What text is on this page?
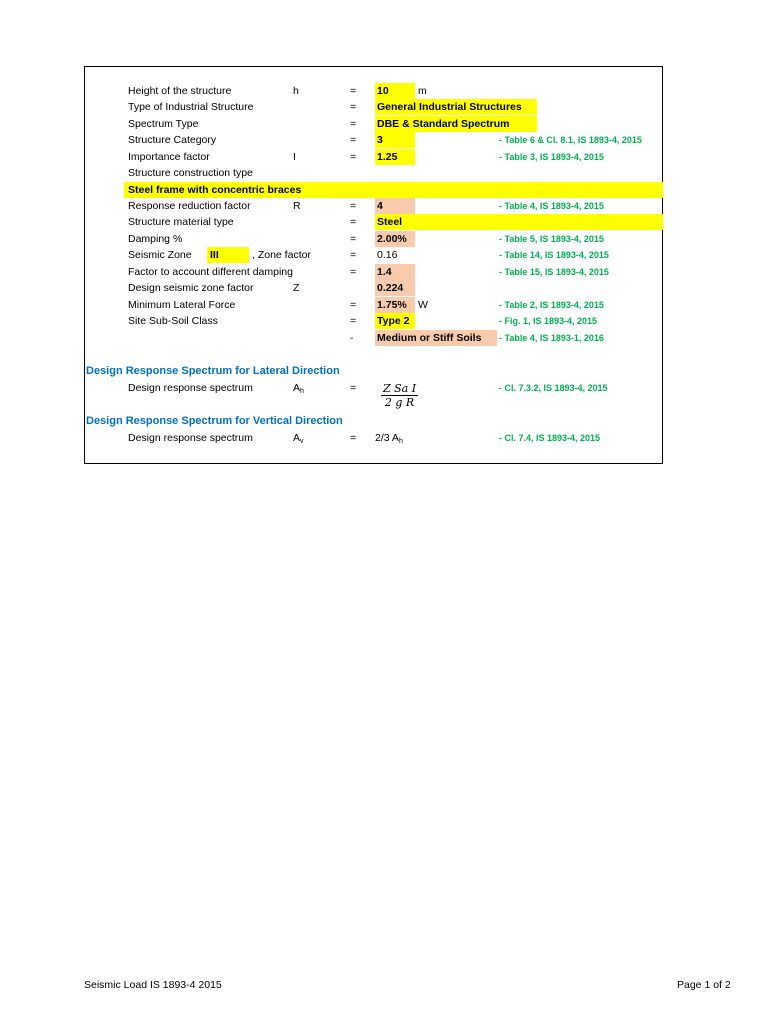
Height of the structure	h	= 10	m
Type of Industrial Structure	= General Industrial Structures
Spectrum Type	= DBE & Standard Spectrum
Structure Category	= 3	- Table 6 & Cl. 8.1, IS 1893-4, 2015
Importance factor	I	= 1.25	- Table 3, IS 1893-4, 2015
Structure construction type
Steel frame with concentric braces
Response reduction factor	R	= 4	- Table 4, IS 1893-4, 2015
Structure material type	= Steel
Damping %	= 2.00%	- Table 5, IS 1893-4, 2015
Seismic Zone III	, Zone factor	= 0.16	- Table 14, IS 1893-4, 2015
Factor to account different damping	= 1.4	- Table 15, IS 1893-4, 2015
Design seismic zone factor	Z	0.224
Minimum Lateral Force	= 1.75%	W	- Table 2, IS 1893-4, 2015
Site Sub-Soil Class	= Type 2	- Fig. 1, IS 1893-4, 2015
- Medium or Stiff Soils	- Table 4, IS 1893-1, 2016
Design Response Spectrum for Lateral Direction
Design response spectrum	$A_h$	=	- Cl. 7.3.2, IS 1893-4, 2015
$\frac{\text{Z Sa I}}{\text{2 g R}}$
Design Response Spectrum for Vertical Direction
Design response spectrum	$A_v$	= 2/3 $A_h$	- Cl. 7.4, IS 1893-4, 2015
Seismic Load IS 1893-4 2015	Page 1 of 2
